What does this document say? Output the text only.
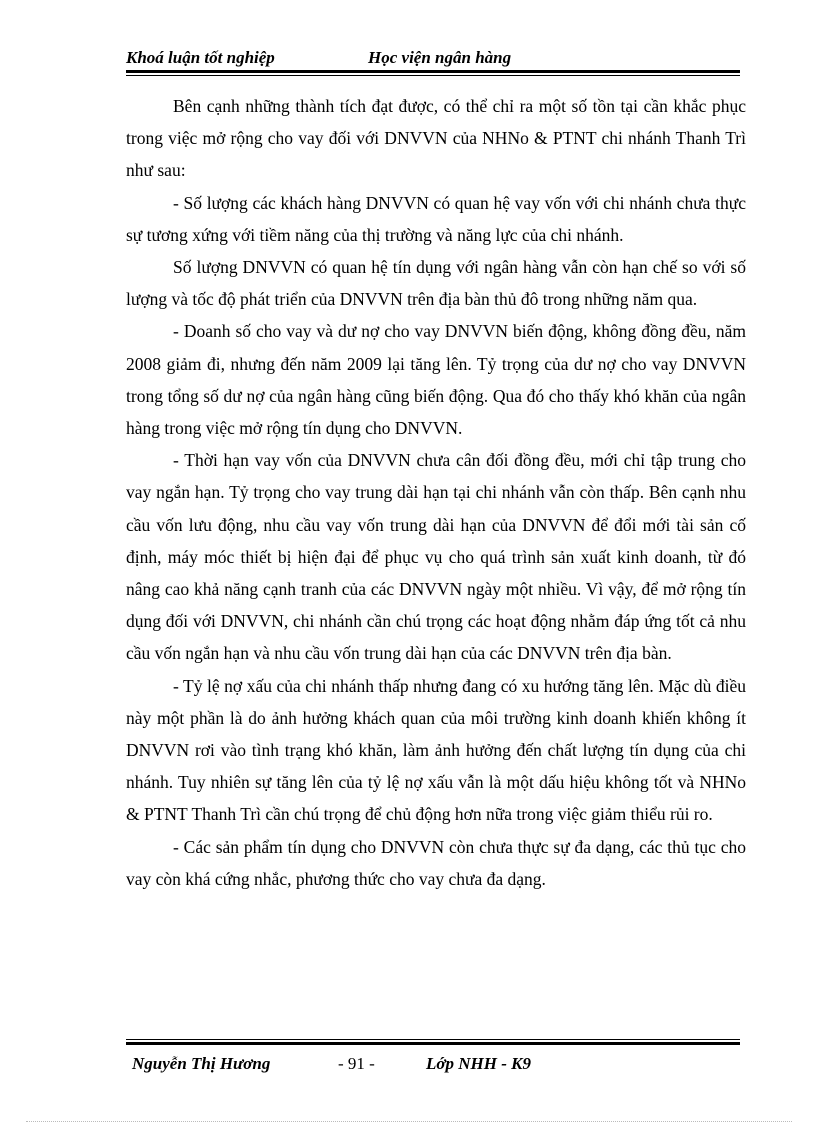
Khoá luận tốt nghiệp	Học viện ngân hàng

Bên cạnh những thành tích đạt được, có thể chỉ ra một số tồn tại cần khắc phục trong việc mở rộng cho vay đối với DNVVN của NHNo & PTNT chi nhánh Thanh Trì như sau:

- Số lượng các khách hàng DNVVN có quan hệ vay vốn với chi nhánh chưa thực sự tương xứng với tiềm năng của thị trường và năng lực của chi nhánh.

Số lượng DNVVN có quan hệ tín dụng với ngân hàng vẫn còn hạn chế so với số lượng và tốc độ phát triển của DNVVN trên địa bàn thủ đô trong những năm qua.

- Doanh số cho vay và dư nợ cho vay DNVVN biến động, không đồng đều, năm 2008 giảm đi, nhưng đến năm 2009 lại tăng lên. Tỷ trọng của dư nợ cho vay DNVVN trong tổng số dư nợ của ngân hàng cũng biến động. Qua đó cho thấy khó khăn của ngân hàng trong việc mở rộng tín dụng cho DNVVN.

- Thời hạn vay vốn của DNVVN chưa cân đối đồng đều, mới chỉ tập trung cho vay ngắn hạn. Tỷ trọng cho vay trung dài hạn tại chi nhánh vẫn còn thấp. Bên cạnh nhu cầu vốn lưu động, nhu cầu vay vốn trung dài hạn của DNVVN để đổi mới tài sản cố định, máy móc thiết bị hiện đại để phục vụ cho quá trình sản xuất kinh doanh, từ đó nâng cao khả năng cạnh tranh của các DNVVN ngày một nhiều. Vì vậy, để mở rộng tín dụng đối với DNVVN, chi nhánh cần chú trọng các hoạt động nhằm đáp ứng tốt cả nhu cầu vốn ngắn hạn và nhu cầu vốn trung dài hạn của các DNVVN trên địa bàn.

- Tỷ lệ nợ xấu của chi nhánh thấp nhưng đang có xu hướng tăng lên. Mặc dù điều này một phần là do ảnh hưởng khách quan của môi trường kinh doanh khiến không ít DNVVN rơi vào tình trạng khó khăn, làm ảnh hưởng đến chất lượng tín dụng của chi nhánh. Tuy nhiên sự tăng lên của tỷ lệ nợ xấu vẫn là một dấu hiệu không tốt và NHNo & PTNT Thanh Trì cần chú trọng để chủ động hơn nữa trong việc giảm thiểu rủi ro.

- Các sản phẩm tín dụng cho DNVVN còn chưa thực sự đa dạng, các thủ tục cho vay còn khá cứng nhắc, phương thức cho vay chưa đa dạng.

Nguyễn Thị Hương	- 91 -	Lớp NHH - K9
